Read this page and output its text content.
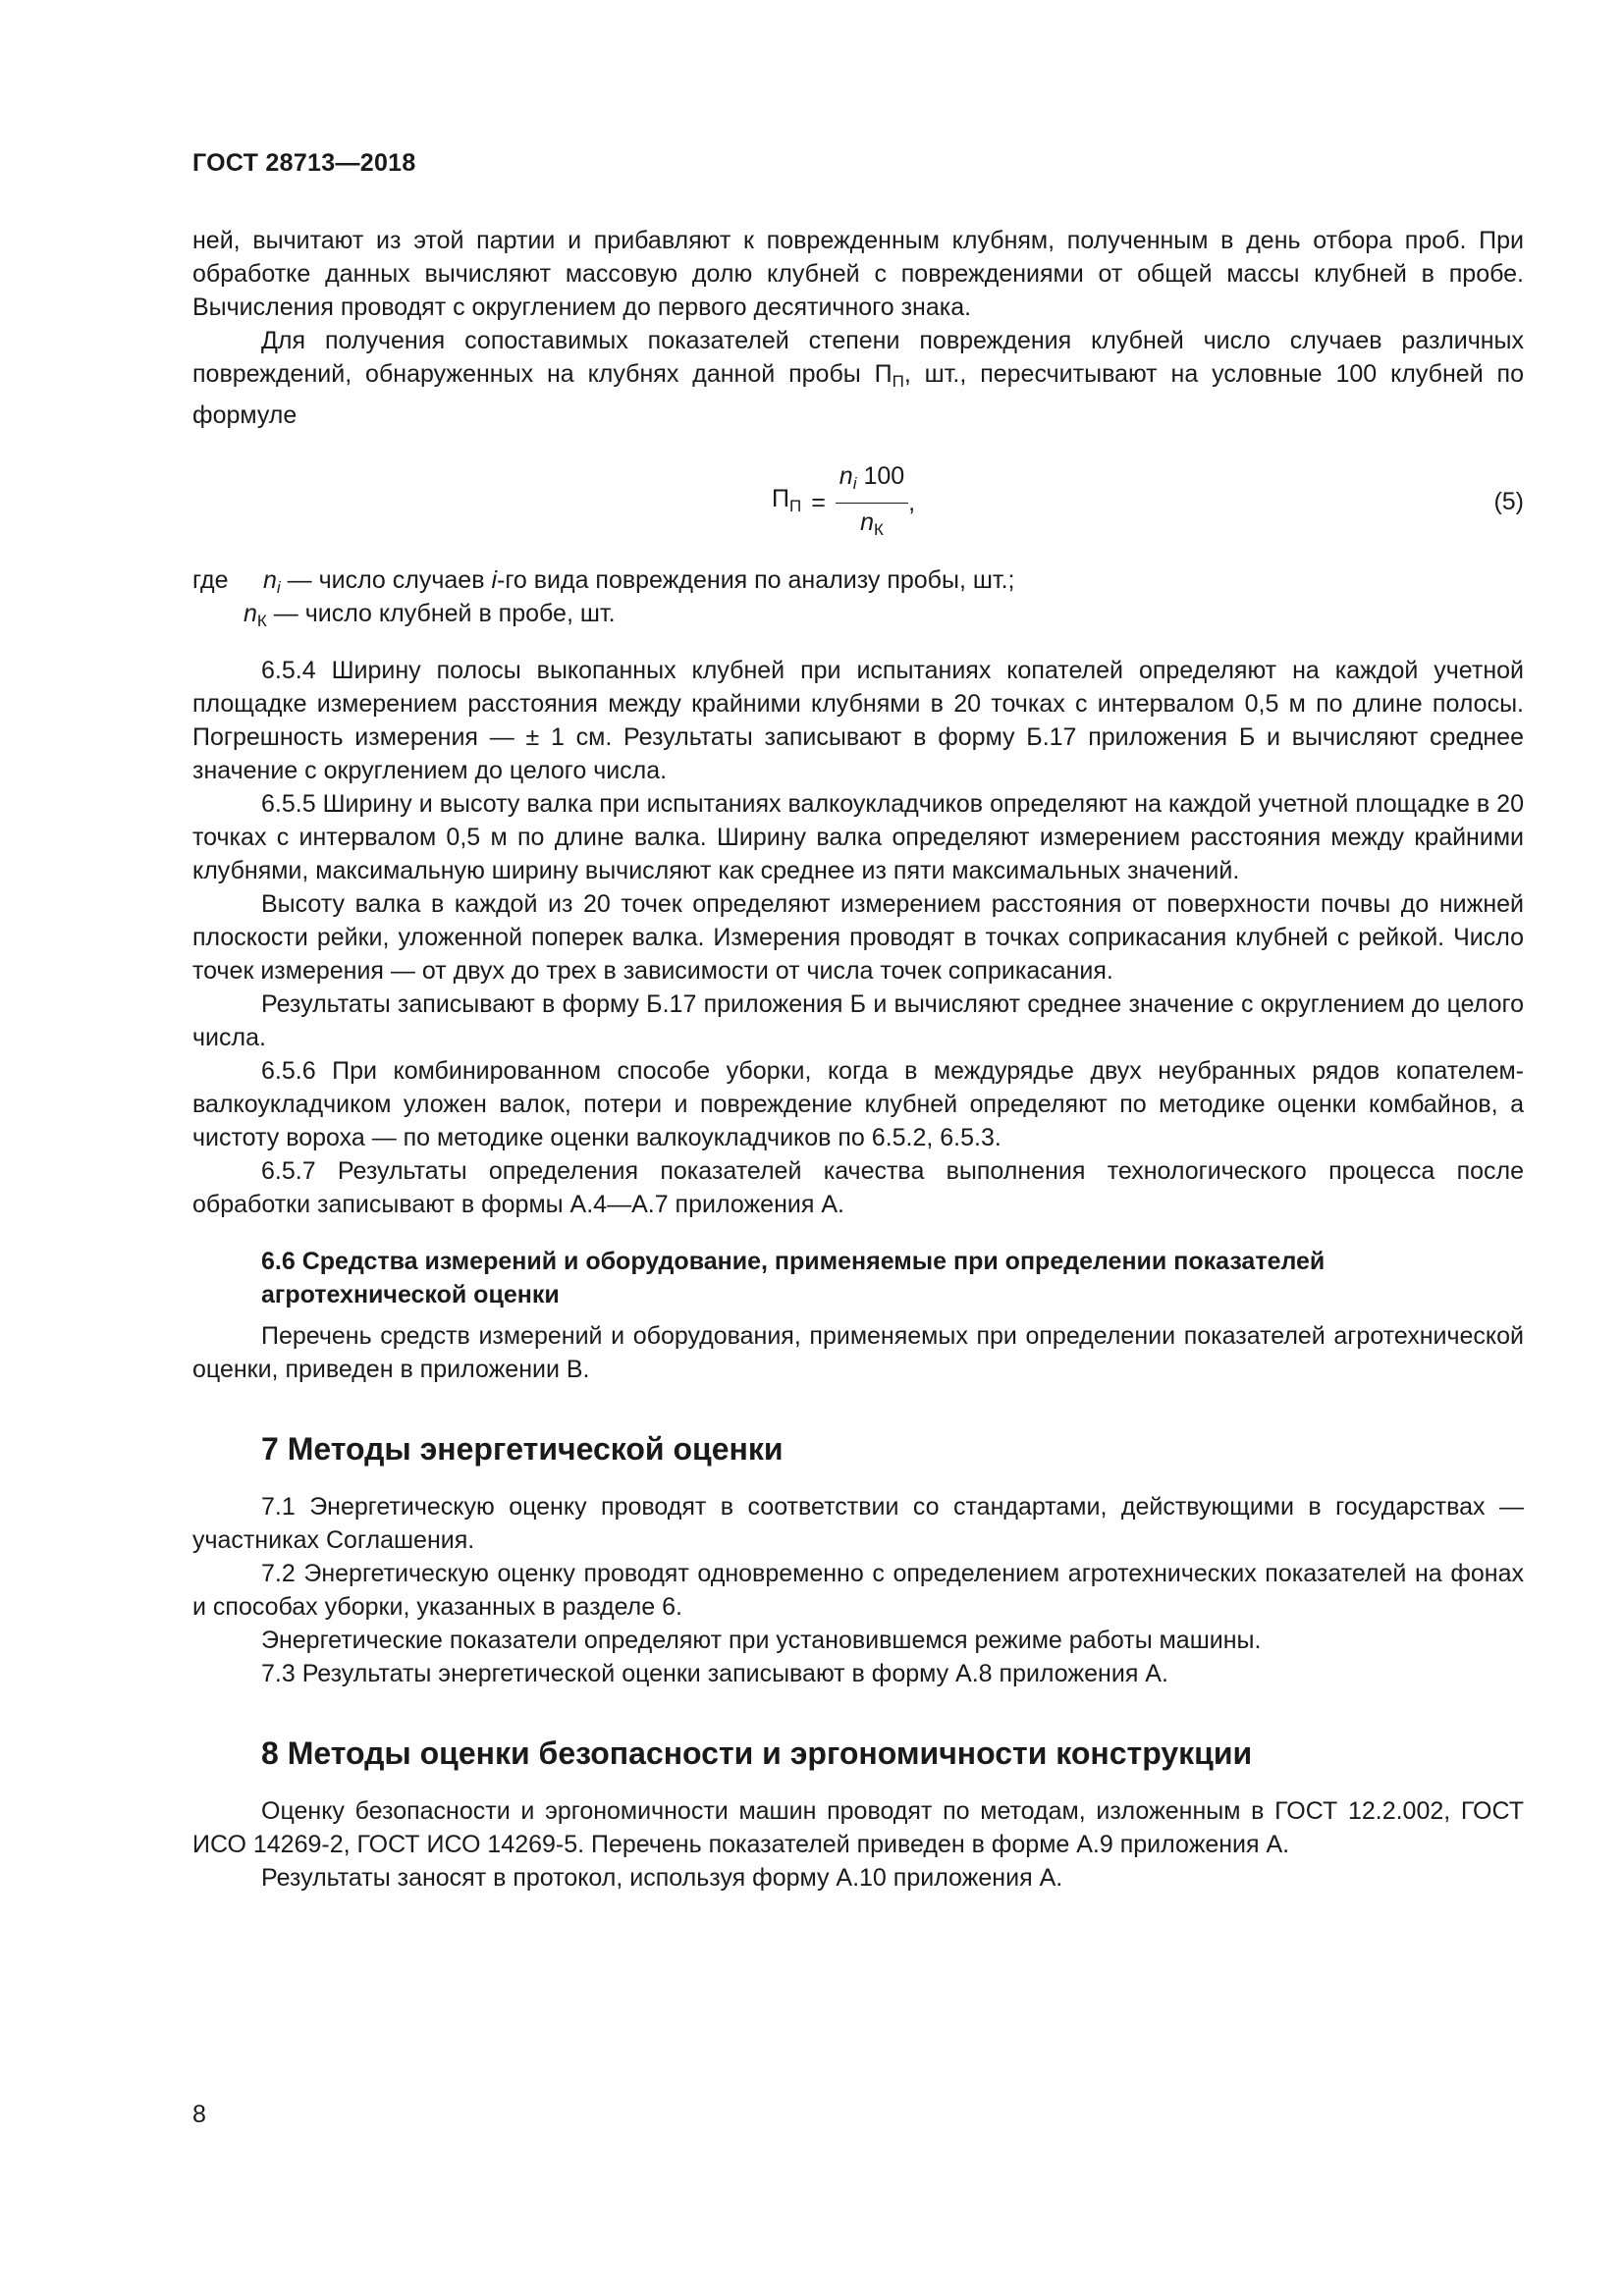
ГОСТ 28713—2018

ней, вычитают из этой партии и прибавляют к поврежденным клубням, полученным в день отбора проб. При обработке данных вычисляют массовую долю клубней с повреждениями от общей массы клубней в пробе. Вычисления проводят с округлением до первого десятичного знака.

Для получения сопоставимых показателей степени повреждения клубней число случаев различных повреждений, обнаруженных на клубнях данной пробы $П_П$, шт., пересчитывают на условные 100 клубней по формуле

$П_П = \frac{n_i 100}{n_К}$ ,	(5)
где $n_i$ — число случаев i-го вида повреждения по анализу пробы, шт.;
$n_К$ — число клубней в пробе, шт.

6.5.4 Ширину полосы выкопанных клубней при испытаниях копателей определяют на каждой учетной площадке измерением расстояния между крайними клубнями в 20 точках с интервалом 0,5 м по длине полосы. Погрешность измерения — ± 1 см. Результаты записывают в форму Б.17 приложения Б и вычисляют среднее значение с округлением до целого числа.

6.5.5 Ширину и высоту валка при испытаниях валкоукладчиков определяют на каждой учетной площадке в 20 точках с интервалом 0,5 м по длине валка. Ширину валка определяют измерением расстояния между крайними клубнями, максимальную ширину вычисляют как среднее из пяти максимальных значений.

Высоту валка в каждой из 20 точек определяют измерением расстояния от поверхности почвы до нижней плоскости рейки, уложенной поперек валка. Измерения проводят в точках соприкасания клубней с рейкой. Число точек измерения — от двух до трех в зависимости от числа точек соприкасания.

Результаты записывают в форму Б.17 приложения Б и вычисляют среднее значение с округлением до целого числа.

6.5.6 При комбинированном способе уборки, когда в междурядье двух неубранных рядов копателем-валкоукладчиком уложен валок, потери и повреждение клубней определяют по методике оценки комбайнов, а чистоту вороха — по методике оценки валкоукладчиков по 6.5.2, 6.5.3.

6.5.7 Результаты определения показателей качества выполнения технологического процесса после обработки записывают в формы А.4—А.7 приложения А.

6.6 Средства измерений и оборудование, применяемые при определении показателей агротехнической оценки

Перечень средств измерений и оборудования, применяемых при определении показателей агротехнической оценки, приведен в приложении В.

7 Методы энергетической оценки

7.1 Энергетическую оценку проводят в соответствии со стандартами, действующими в государствах — участниках Соглашения.

7.2 Энергетическую оценку проводят одновременно с определением агротехнических показателей на фонах и способах уборки, указанных в разделе 6.

Энергетические показатели определяют при установившемся режиме работы машины.

7.3 Результаты энергетической оценки записывают в форму А.8 приложения А.

8 Методы оценки безопасности и эргономичности конструкции

Оценку безопасности и эргономичности машин проводят по методам, изложенным в ГОСТ 12.2.002, ГОСТ ИСО 14269-2, ГОСТ ИСО 14269-5. Перечень показателей приведен в форме А.9 приложения А.

Результаты заносят в протокол, используя форму А.10 приложения А.

8
